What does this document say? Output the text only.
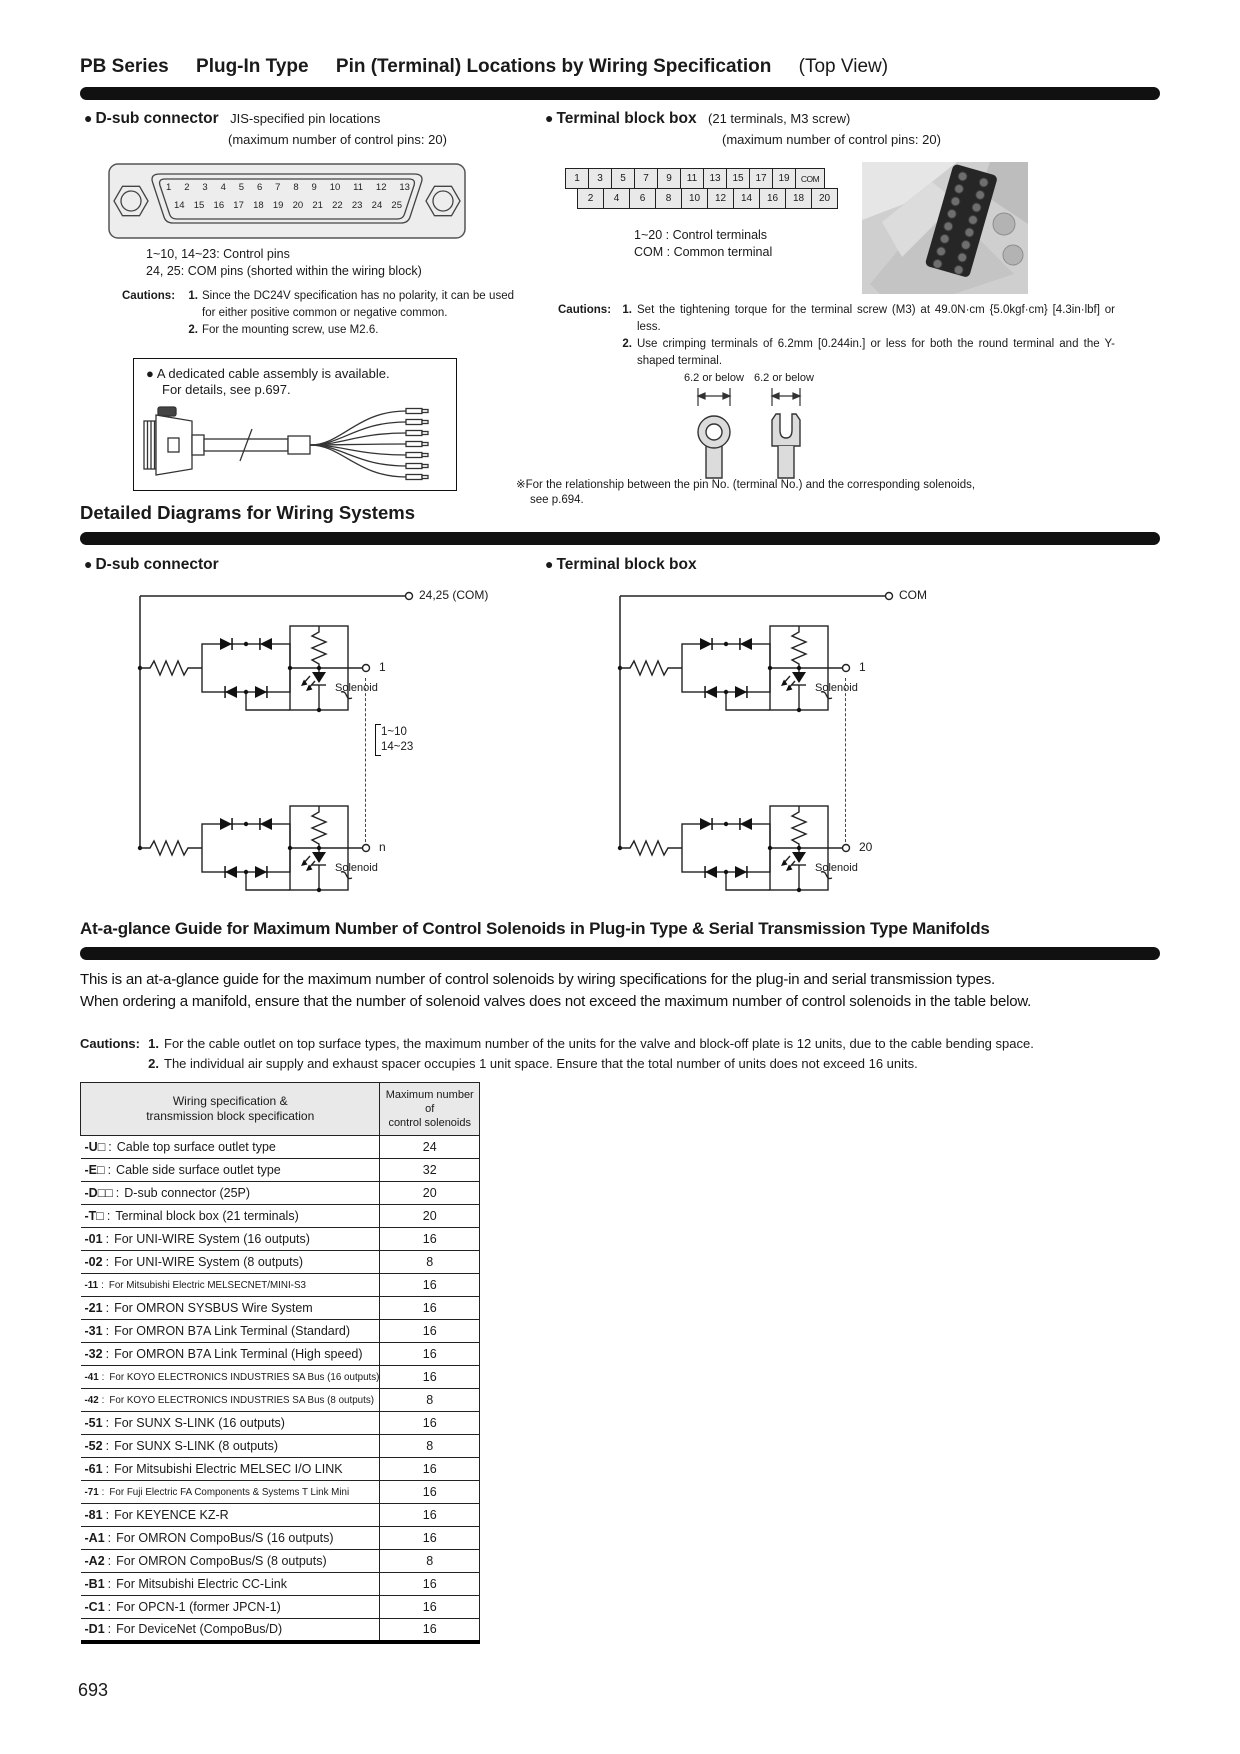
PB Series Plug-In Type Pin (Terminal) Locations by Wiring Specification (Top View)
● D-sub connector JIS-specified pin locations
(maximum number of control pins: 20)
1 2 3 4 5 6 7 8 9 10 11 12 13
14 15 16 17 18 19 20 21 22 23 24 25
1~10, 14~23: Control pins
24, 25: COM pins (shorted within the wiring block)
Cautions:	1. Since the DC24V specification has no polarity, it can be used for either positive common or negative common.
2. For the mounting screw, use M2.6.
● A dedicated cable assembly is available.
For details, see p.697.
● Terminal block box (21 terminals, M3 screw)
(maximum number of control pins: 20)
1	3	5	7	9	11	13	15	17	19	COM
2	4	6	8	10	12	14	16	18	20
1~20 : Control terminals
COM : Common terminal
Cautions: 1. Set the tightening torque for the terminal screw (M3) at 49.0N·cm {5.0kgf·cm} [4.3in·lbf] or less.
2. Use crimping terminals of 6.2mm [0.244in.] or less for both the round terminal and the Y-shaped terminal.
6.2 or below 6.2 or below
※For the relationship between the pin No. (terminal No.) and the corresponding solenoids,
see p.694.
Detailed Diagrams for Wiring Systems
● D-sub connector	● Terminal block box
24,25 (COM)
1
Solenoid
1~10
14~23
n
Solenoid
COM
1
Solenoid
20
Solenoid
At-a-glance Guide for Maximum Number of Control Solenoids in Plug-in Type & Serial Transmission Type Manifolds
This is an at-a-glance guide for the maximum number of control solenoids by wiring specifications for the plug-in and serial transmission types.
When ordering a manifold, ensure that the number of solenoid valves does not exceed the maximum number of control solenoids in the table below.
Cautions: 1. For the cable outlet on top surface types, the maximum number of the units for the valve and block-off plate is 12 units, due to the cable bending space.
2. The individual air supply and exhaust spacer occupies 1 unit space. Ensure that the total number of units does not exceed 16 units.
Wiring specification &
transmission block specification

Maximum number of
control solenoids

-U□ : Cable top surface outlet type	24
-E□ : Cable side surface outlet type	32
-D□□ : D-sub connector (25P)	20
-T□ : Terminal block box (21 terminals)	20
-01 : For UNI-WIRE System (16 outputs)	16
-02 : For UNI-WIRE System (8 outputs)	8
-11 : For Mitsubishi Electric MELSECNET/MINI-S3	16
-21 : For OMRON SYSBUS Wire System	16
-31 : For OMRON B7A Link Terminal (Standard)	16
-32 : For OMRON B7A Link Terminal (High speed)	16
-41 : For KOYO ELECTRONICS INDUSTRIES SA Bus (16 outputs)	16
-42 : For KOYO ELECTRONICS INDUSTRIES SA Bus (8 outputs)	8
-51 : For SUNX S-LINK (16 outputs)	16
-52 : For SUNX S-LINK (8 outputs)	8
-61 : For Mitsubishi Electric MELSEC I/O LINK	16
-71 : For Fuji Electric FA Components & Systems T Link Mini	16
-81 : For KEYENCE KZ-R	16
-A1 : For OMRON CompoBus/S (16 outputs)	16
-A2 : For OMRON CompoBus/S (8 outputs)	8
-B1 : For Mitsubishi Electric CC-Link	16
-C1 : For OPCN-1 (former JPCN-1)	16
-D1 : For DeviceNet (CompoBus/D)	16
693
